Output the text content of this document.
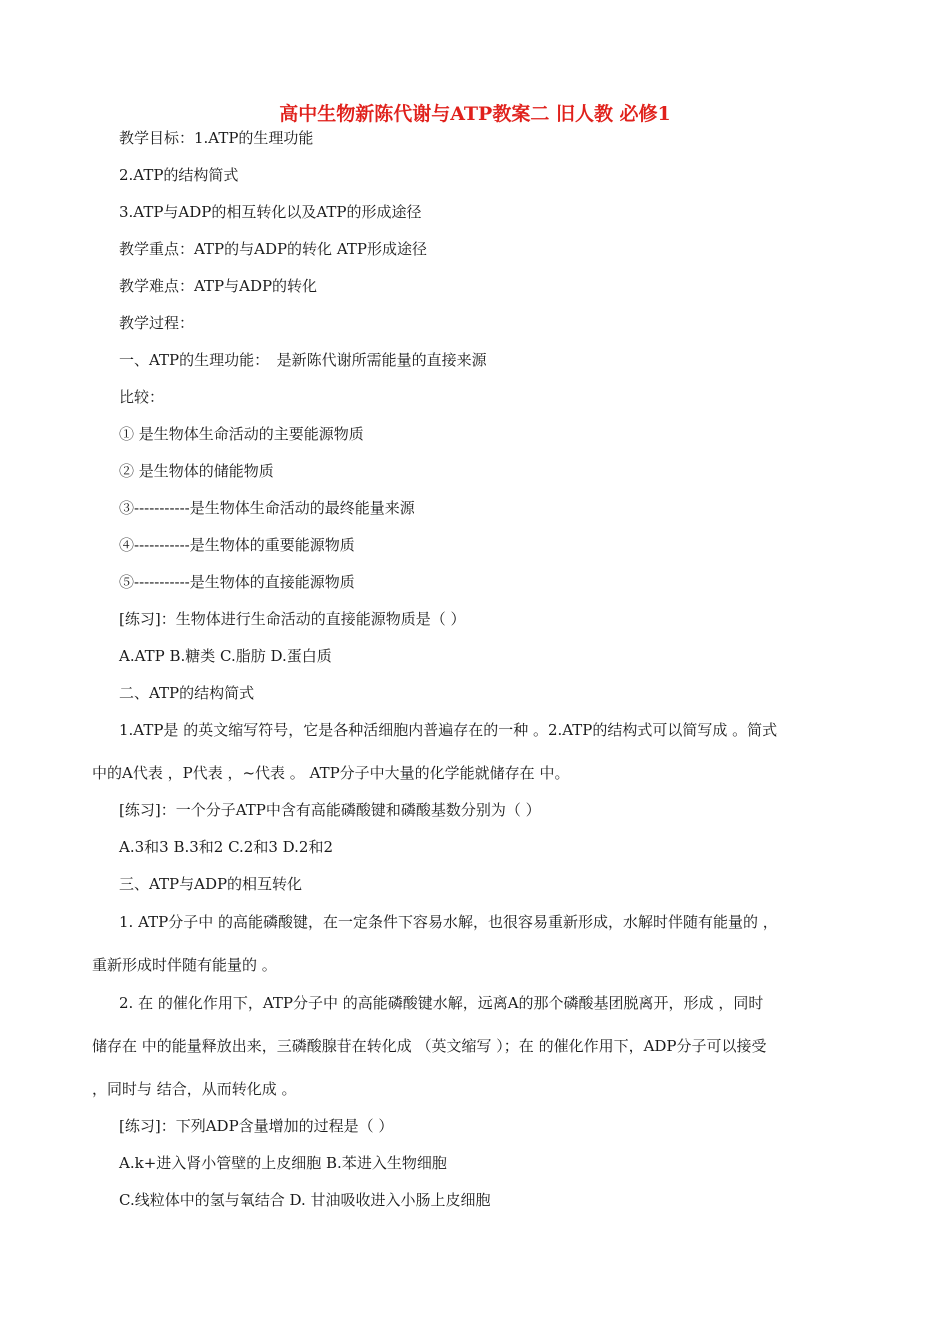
高中生物新陈代谢与ATP教案二 旧人教 必修1
教学目标：1.ATP的生理功能
2.ATP的结构简式
3.ATP与ADP的相互转化以及ATP的形成途径
教学重点：ATP的与ADP的转化 ATP形成途径
教学难点：ATP与ADP的转化
教学过程：
一、ATP的生理功能：　是新陈代谢所需能量的直接来源
比较：
① 是生物体生命活动的主要能源物质
② 是生物体的储能物质
③-----------是生物体生命活动的最终能量来源
④-----------是生物体的重要能源物质
⑤-----------是生物体的直接能源物质
[练习]：生物体进行生命活动的直接能源物质是（ ）
A.ATP B.糖类 C.脂肪 D.蛋白质
二、ATP的结构简式
1.ATP是 的英文缩写符号，它是各种活细胞内普遍存在的一种 。2.ATP的结构式可以简写成 。简式
中的A代表 ，P代表 ，~代表 。 ATP分子中大量的化学能就储存在 中。
[练习]：一个分子ATP中含有高能磷酸键和磷酸基数分别为（ ）
A.3和3 B.3和2 C.2和3 D.2和2
三、ATP与ADP的相互转化
1. ATP分子中 的高能磷酸键，在一定条件下容易水解，也很容易重新形成，水解时伴随有能量的 ，
重新形成时伴随有能量的 。
2. 在 的催化作用下，ATP分子中 的高能磷酸键水解，远离A的那个磷酸基团脱离开，形成 ，同时
储存在 中的能量释放出来，三磷酸腺苷在转化成 （英文缩写 ）；在 的催化作用下，ADP分子可以接受
，同时与 结合，从而转化成 。
[练习]：下列ADP含量增加的过程是（ ）
A.k+进入肾小管壁的上皮细胞 B.苯进入生物细胞
C.线粒体中的氢与氧结合 D. 甘油吸收进入小肠上皮细胞
